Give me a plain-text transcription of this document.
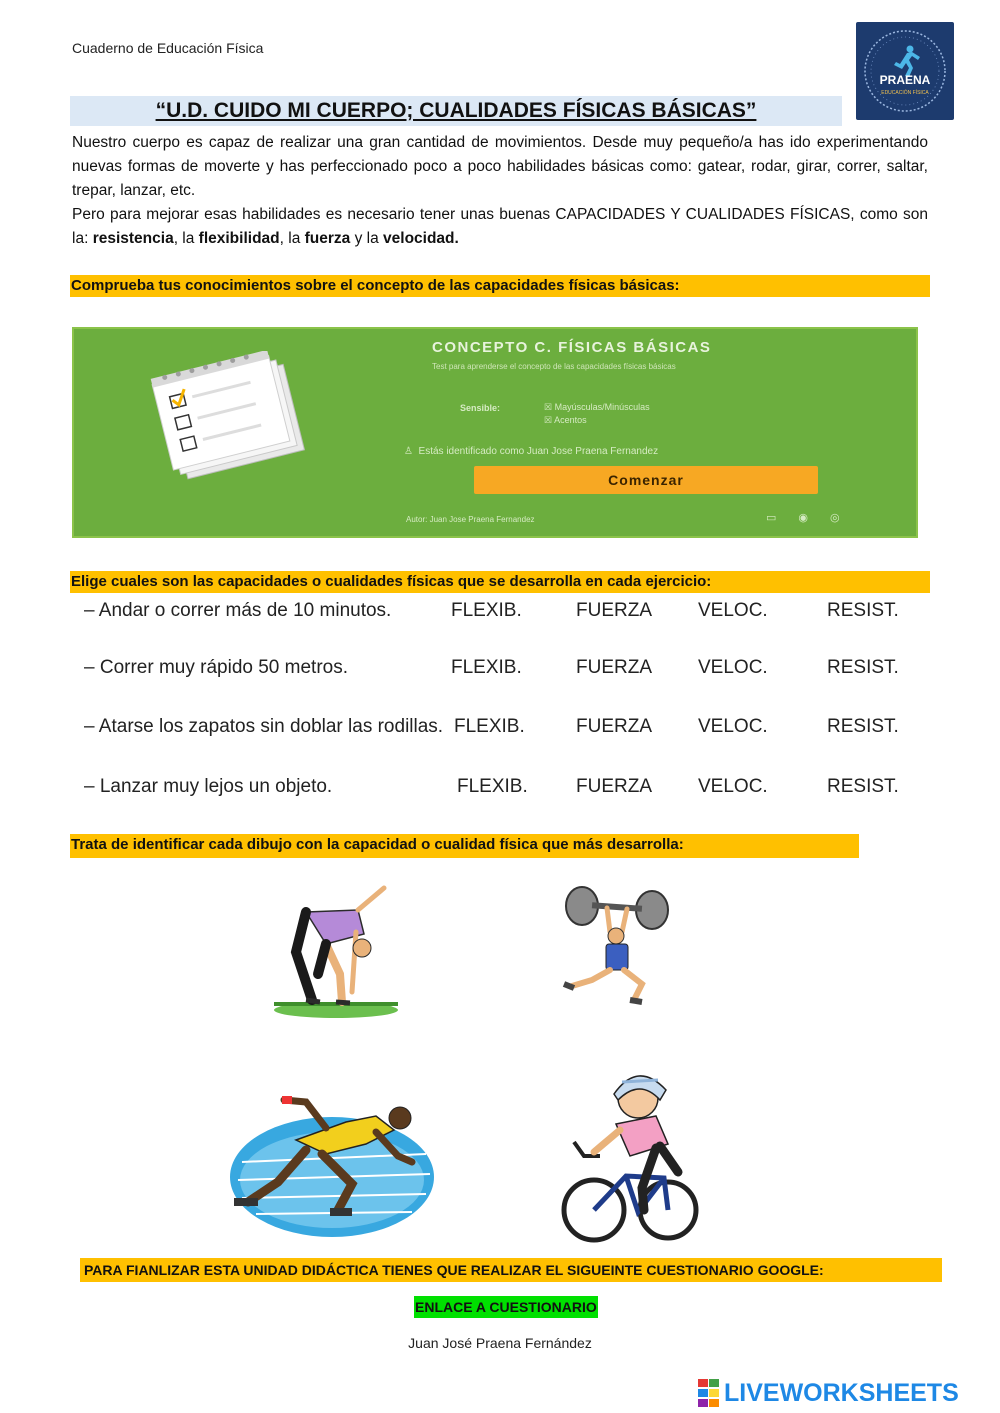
Cuaderno de Educación Física
PRAENA
EDUCACIÓN FÍSICA
“U.D. CUIDO MI CUERPO; CUALIDADES FÍSICAS BÁSICAS”
Nuestro cuerpo es capaz de realizar una gran cantidad de movimientos. Desde muy pequeño/a has ido experimentando nuevas formas de moverte y has perfeccionado poco a poco habilidades básicas como: gatear, rodar, girar, correr, saltar, trepar, lanzar, etc.
Pero para mejorar esas habilidades es necesario tener unas buenas CAPACIDADES Y CUALIDADES FÍSICAS, como son la: resistencia, la flexibilidad, la fuerza y la velocidad.
Comprueba tus conocimientos sobre el concepto de las capacidades físicas básicas:
CONCEPTO C. FÍSICAS BÁSICAS
Test para aprenderse el concepto de las capacidades físicas básicas
Sensible:	☒ Mayúsculas/Minúsculas
☒ Acentos
♙ Estás identificado como Juan Jose Praena Fernandez
Comenzar
Autor: Juan Jose Praena Fernandez	▭◉◎
Elige cuales son las capacidades o cualidades físicas que se desarrolla en cada ejercicio:
– Andar o correr más de 10 minutos.	FLEXIB.	FUERZA VELOC.	RESIST.
– Correr muy rápido 50 metros.	FLEXIB.	FUERZA VELOC.	RESIST.
– Atarse los zapatos sin doblar las rodillas. FLEXIB.	FUERZA VELOC.	RESIST.
– Lanzar muy lejos un objeto.	FLEXIB.	FUERZA VELOC.	RESIST.
Trata de identificar cada dibujo con la capacidad o cualidad física que más desarrolla:
PARA FIANLIZAR ESTA UNIDAD DIDÁCTICA TIENES QUE REALIZAR EL SIGUEINTE CUESTIONARIO GOOGLE:
ENLACE A CUESTIONARIO
Juan José Praena Fernández
LIVEWORKSHEETS
